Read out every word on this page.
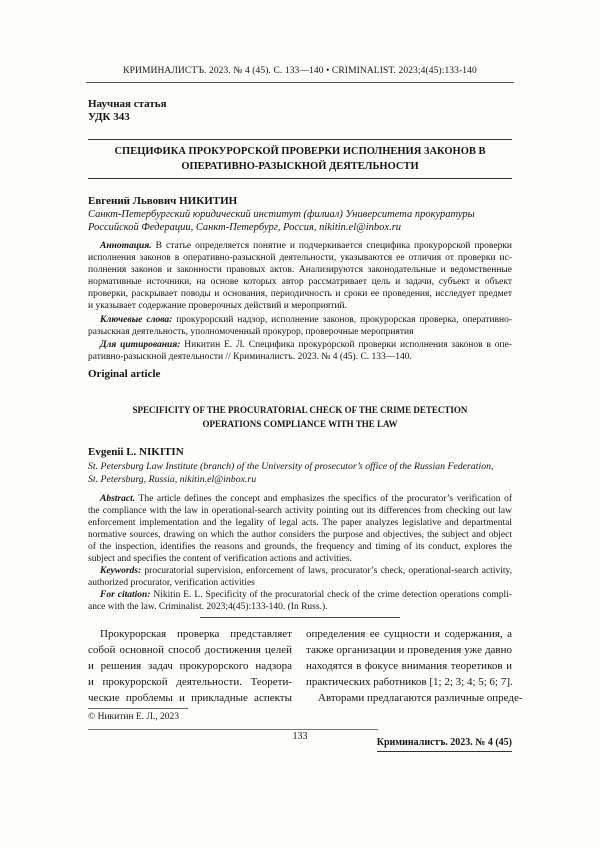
КРИМИНАЛИСТЪ. 2023. № 4 (45). С. 133—140 • CRIMINALIST. 2023;4(45):133-140
Научная статья
УДК 343
СПЕЦИФИКА ПРОКУРОРСКОЙ ПРОВЕРКИ ИСПОЛНЕНИЯ ЗАКОНОВ В
ОПЕРАТИВНО-РАЗЫСКНОЙ ДЕЯТЕЛЬНОСТИ
Евгений Львович НИКИТИН
Санкт-Петербургский юридический институт (филиал) Университета прокуратуры
Российской Федерации, Санкт-Петербург, Россия, nikitin.el@inbox.ru
Аннотация. В статье определяется понятие и подчеркивается специфика прокурорской проверки
исполнения законов в оперативно-разыскной деятельности, указываются ее отличия от проверки ис-
полнения законов и законности правовых актов. Анализируются законодательные и ведомственные
нормативные источники, на основе которых автор рассматривает цель и задачи, субъект и объект
проверки, раскрывает поводы и основания, периодичность и сроки ее проведения, исследует предмет
и указывает содержание проверочных действий и мероприятий.
Ключевые слова: прокурорский надзор, исполнение законов, прокурорская проверка, оперативно-
разыскная деятельность, уполномоченный прокурор, проверочные мероприятия
Для цитирования: Никитин Е. Л. Специфика прокурорской проверки исполнения законов в опе-
ративно-разыскной деятельности // Криминалистъ. 2023. № 4 (45). С. 133—140.
Original article
SPECIFICITY OF THE PROCURATORIAL CHECK OF THE CRIME DETECTION
OPERATIONS COMPLIANCE WITH THE LAW
Evgenii L. NIKITIN
St. Petersburg Law Institute (branch) of the University of prosecutor’s office of the Russian Federation,
St. Petersburg, Russia, nikitin.el@inbox.ru
Abstract. The article defines the concept and emphasizes the specifics of the procurator’s verification of
the compliance with the law in operational-search activity pointing out its differences from checking out law
enforcement implementation and the legality of legal acts. The paper analyzes legislative and departmental
normative sources, drawing on which the author considers the purpose and objectives, the subject and object
of the inspection, identifies the reasons and grounds, the frequency and timing of its conduct, explores the
subject and specifies the content of verification actions and activities.
Keywords: procuratorial supervision, enforcement of laws, procurator’s check, operational-search activity,
authorized procurator, verification activities
For citation: Nikitin E. L. Specificity of the procuratorial check of the crime detection operations compli-
ance with the law. Criminalist. 2023;4(45):133-140. (In Russ.).
Прокурорская проверка представляет
собой основной способ достижения целей
и решения задач прокурорского надзора
и прокурорской деятельности. Теорети-
ческие проблемы и прикладные аспекты
определения ее сущности и содержания, а
также организации и проведения уже давно
находятся в фокусе внимания теоретиков и
практических работников [1; 2; 3; 4; 5; 6; 7].
Авторами предлагаются различные опреде-
© Никитин Е. Л., 2023
133
Криминалистъ. 2023. № 4 (45)
